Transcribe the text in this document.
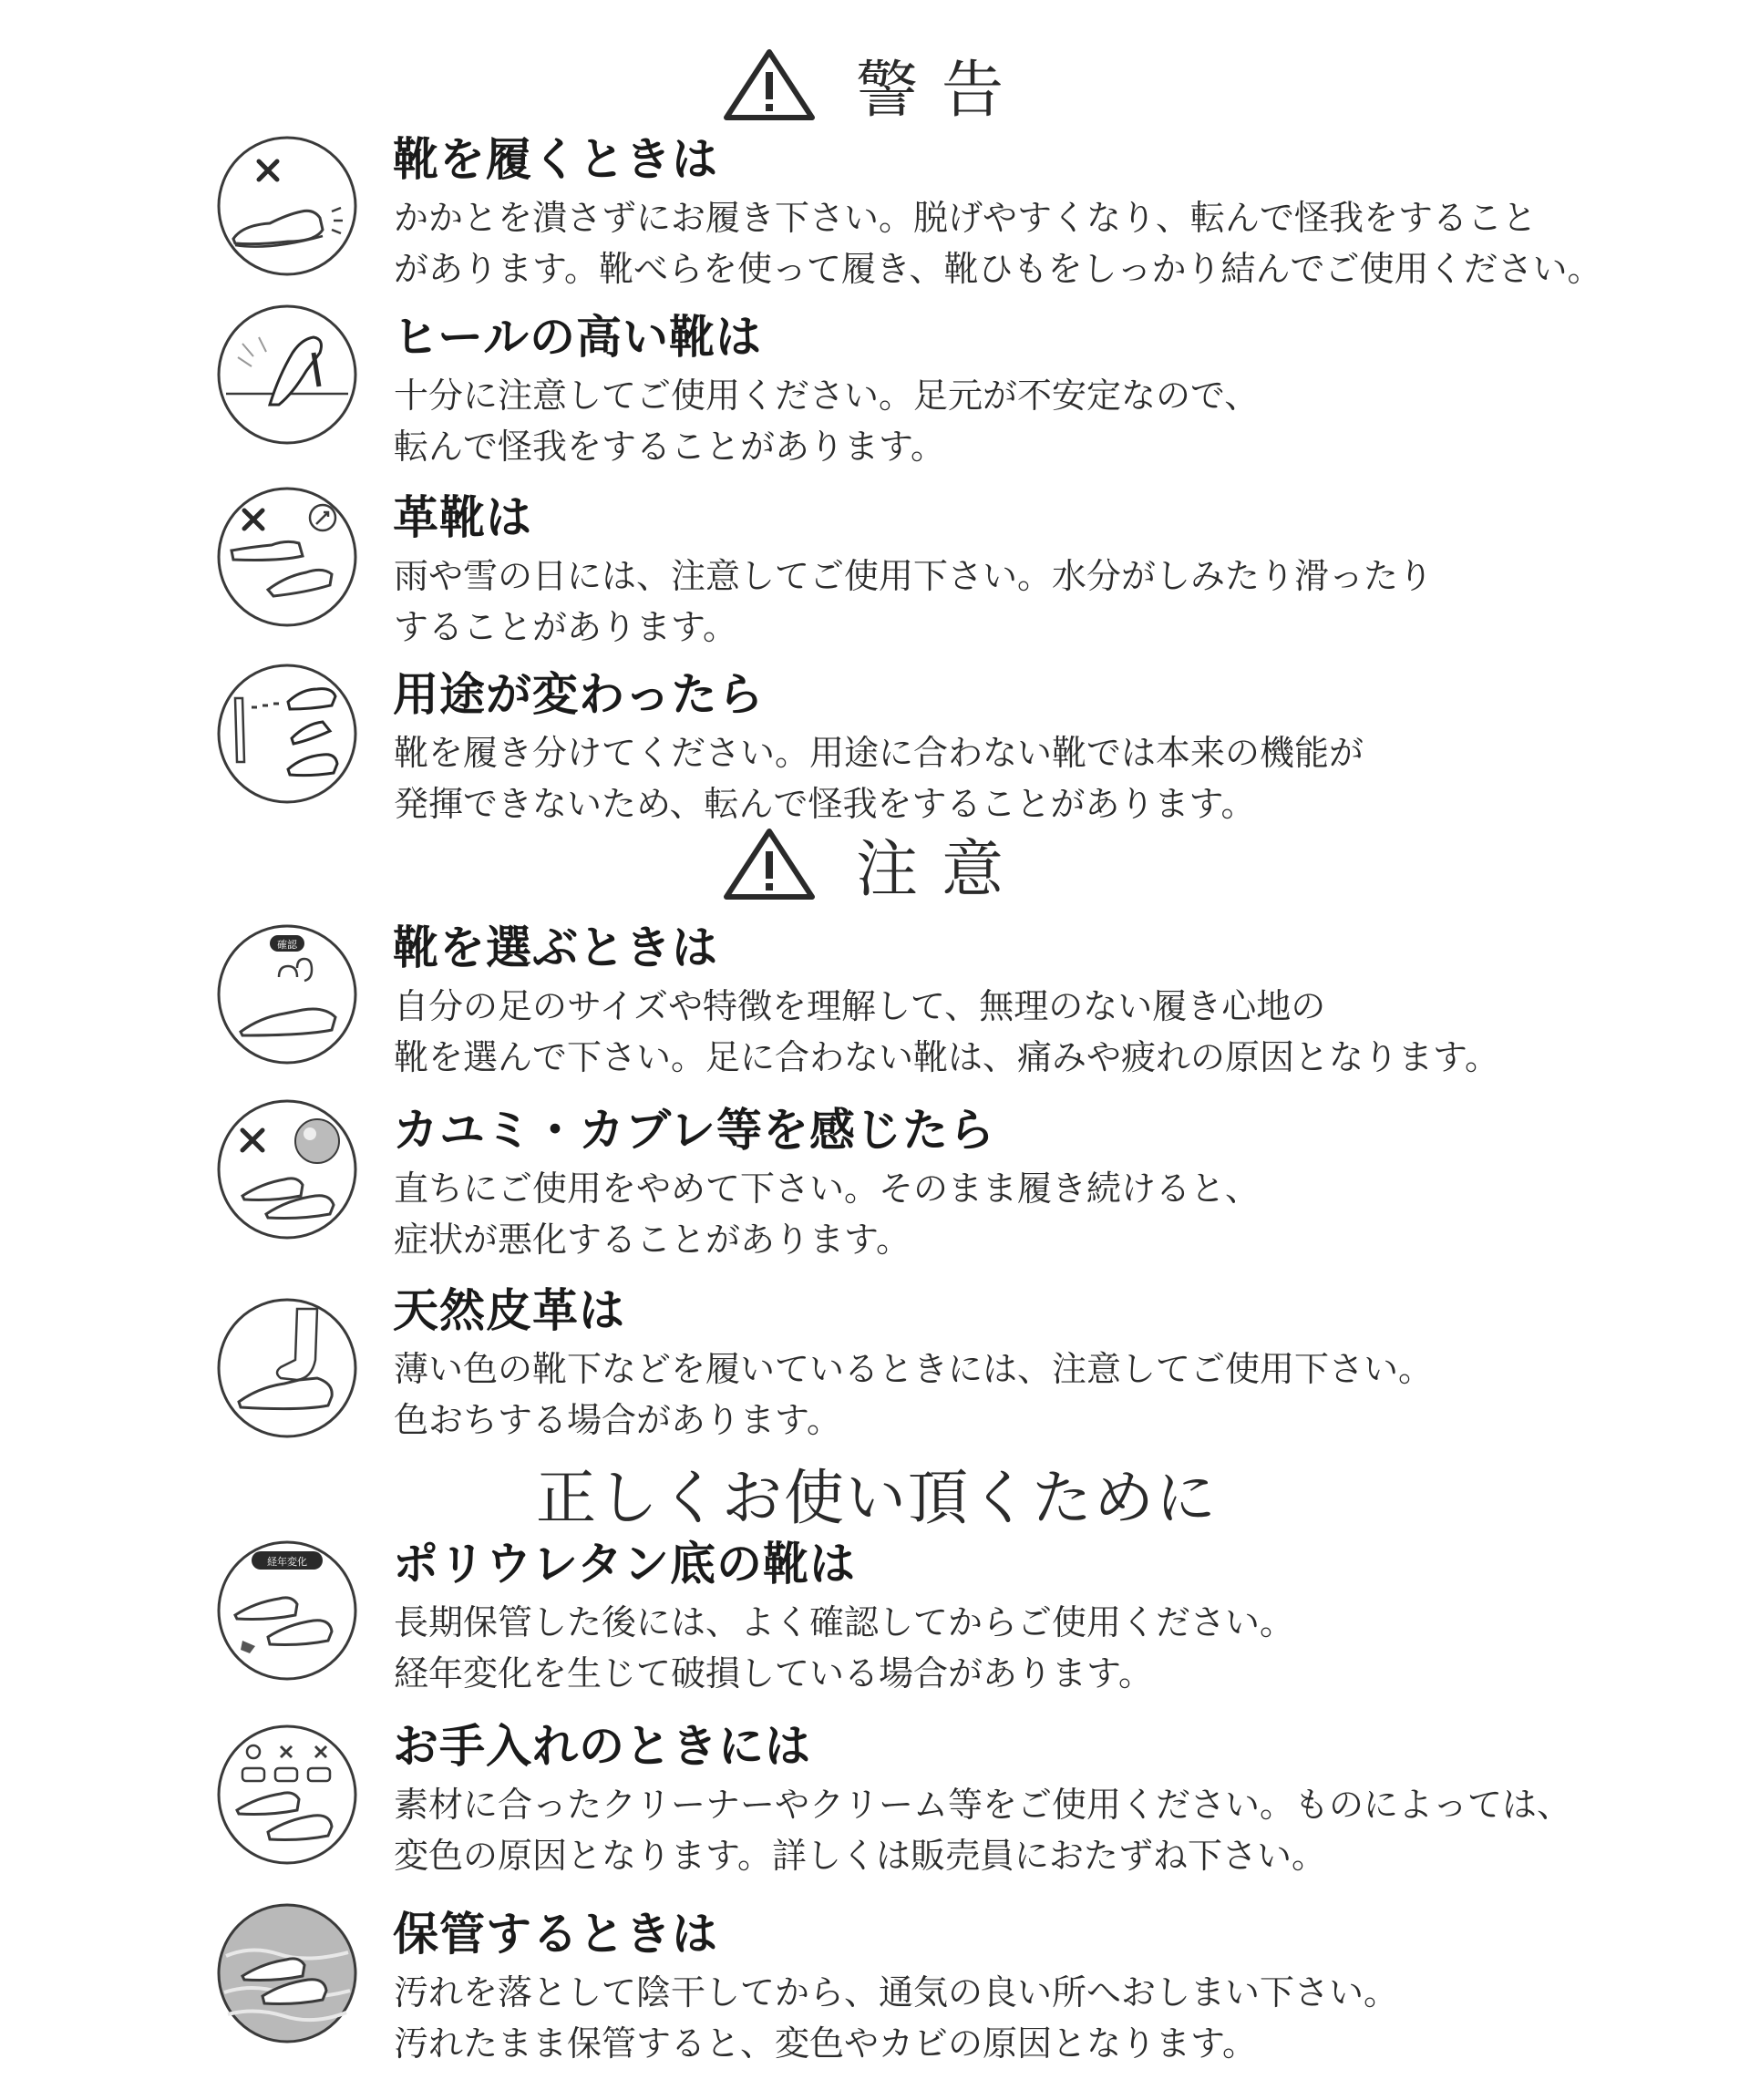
警告
靴を履くときは
かかとを潰さずにお履き下さい。脱げやすくなり、転んで怪我をすること
があります。靴べらを使って履き、靴ひもをしっかり結んでご使用ください。
ヒールの高い靴は
十分に注意してご使用ください。足元が不安定なので、
転んで怪我をすることがあります。
革靴は
雨や雪の日には、注意してご使用下さい。水分がしみたり滑ったり
することがあります。
用途が変わったら
靴を履き分けてください。用途に合わない靴では本来の機能が
発揮できないため、転んで怪我をすることがあります。
注意
確認 靴を選ぶときは
自分の足のサイズや特徴を理解して、無理のない履き心地の
靴を選んで下さい。足に合わない靴は、痛みや疲れの原因となります。
カユミ・カブレ等を感じたら
直ちにご使用をやめて下さい。そのまま履き続けると、
症状が悪化することがあります。
天然皮革は
薄い色の靴下などを履いているときには、注意してご使用下さい。
色おちする場合があります。
正しくお使い頂くために
経年変化 ポリウレタン底の靴は
長期保管した後には、よく確認してからご使用ください。
経年変化を生じて破損している場合があります。
お手入れのときには
素材に合ったクリーナーやクリーム等をご使用ください。ものによっては、
変色の原因となります。詳しくは販売員におたずね下さい。
保管するときは
汚れを落として陰干してから、通気の良い所へおしまい下さい。
汚れたまま保管すると、変色やカビの原因となります。
